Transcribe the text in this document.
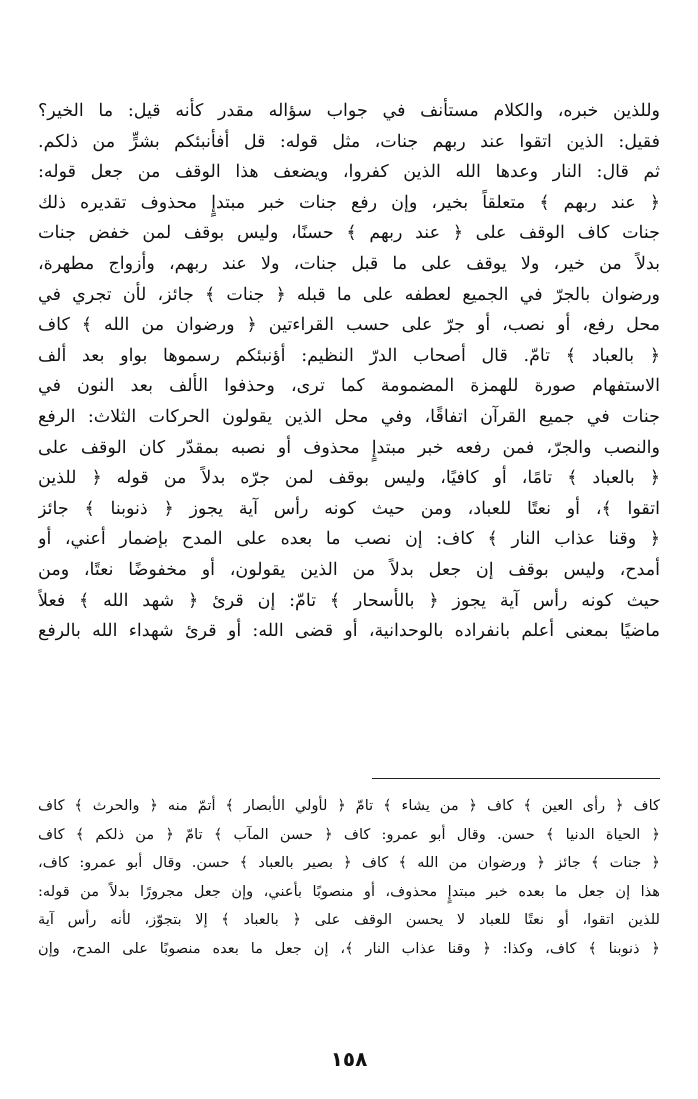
وللذين خبره، والكلام مستأنف في جواب سؤاله مقدر كأنه قيل: ما الخير؟
فقيل: الذين اتقوا عند ربهم جنات، مثل قوله: قل أفأنبئكم بشرٍّ من ذلكم.
ثم قال: النار وعدها الله الذين كفروا، ويضعف هذا الوقف من جعل قوله:
﴿ عند ربهم ﴾ متعلقاً بخير، وإن رفع جنات خبر مبتدإٍ محذوف تقديره ذلك
جنات كاف الوقف على ﴿ عند ربهم ﴾ حسنًا، وليس بوقف لمن خفض جنات
بدلاً من خير، ولا يوقف على ما قبل جنات، ولا عند ربهم، وأزواج مطهرة،
ورضوان بالجرّ في الجميع لعطفه على ما قبله ﴿ جنات ﴾ جائز، لأن تجري في
محل رفع، أو نصب، أو جرّ على حسب القراءتين ﴿ ورضوان من الله ﴾ كاف
﴿ بالعباد ﴾ تامّ. قال أصحاب الدرّ النظيم: أؤنبئكم رسموها بواو بعد ألف
الاستفهام صورة للهمزة المضمومة كما ترى، وحذفوا الألف بعد النون في
جنات في جميع القرآن اتفاقًا، وفي محل الذين يقولون الحركات الثلاث: الرفع
والنصب والجرّ، فمن رفعه خبر مبتدإٍ محذوف أو نصبه بمقدّر كان الوقف على
﴿ بالعباد ﴾ تامًا، أو كافيًا، وليس بوقف لمن جرّه بدلاً من قوله ﴿ للذين
اتقوا ﴾، أو نعتًا للعباد، ومن حيث كونه رأس آية يجوز ﴿ ذنوبنا ﴾ جائز
﴿ وقنا عذاب النار ﴾ كاف: إن نصب ما بعده على المدح بإضمار أعني، أو
أمدح، وليس بوقف إن جعل بدلاً من الذين يقولون، أو مخفوضًا نعتًا، ومن
حيث كونه رأس آية يجوز ﴿ بالأسحار ﴾ تامّ: إن قرئ ﴿ شهد الله ﴾ فعلاً
ماضيًا بمعنى أعلم بانفراده بالوحدانية، أو قضى الله: أو قرئ شهداء الله بالرفع
كاف ﴿ رأى العين ﴾ كاف ﴿ من يشاء ﴾ تامّ ﴿ لأولي الأبصار ﴾ أتمّ منه ﴿ والحرث ﴾ كاف
﴿ الحياة الدنيا ﴾ حسن. وقال أبو عمرو: كاف ﴿ حسن المآب ﴾ تامّ ﴿ من ذلكم ﴾ كاف
﴿ جنات ﴾ جائز ﴿ ورضوان من الله ﴾ كاف ﴿ بصير بالعباد ﴾ حسن. وقال أبو عمرو: كاف،
هذا إن جعل ما بعده خبر مبتدإٍ محذوف، أو منصوبًا بأعني، وإن جعل مجرورًا بدلاً من قوله:
للذين اتقوا، أو نعتًا للعباد لا يحسن الوقف على ﴿ بالعباد ﴾ إلا بتجوّز، لأنه رأس آية
﴿ ذنوبنا ﴾ كاف، وكذا: ﴿ وقنا عذاب النار ﴾، إن جعل ما بعده منصوبًا على المدح، وإن
١٥٨
